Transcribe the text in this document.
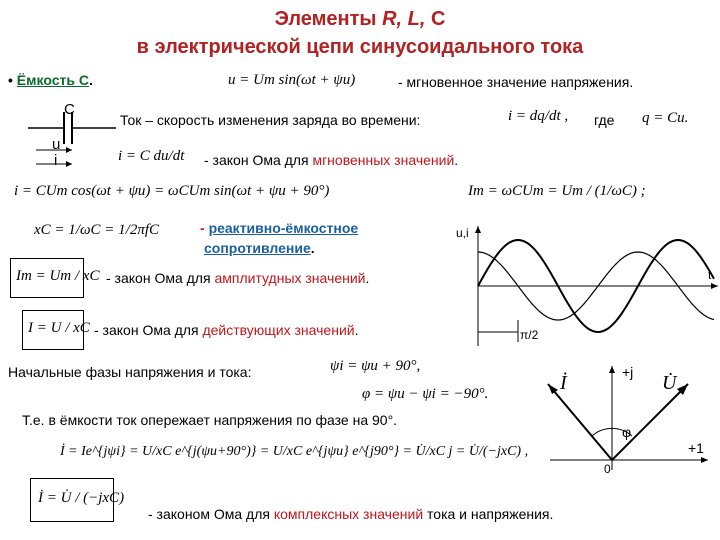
Элементы R, L, C
в электрической цепи синусоидального тока
• Ёмкость C.	u = Um sin(ωt + ψu)	- мгновенное значение напряжения.
C
u
i
Ток – скорость изменения заряда во времени:	i = dq/dt , где q = Cu.
i = C du/dt - закон Ома для мгновенных значений.
i = CUm cos(ωt + ψu) = ωCUm sin(ωt + ψu + 90°)	Im = ωCUm = Um / (1/ωC) ;
xC = 1/ωC = 1/2πfC	- реактивно-ёмкостное
сопротивление.
Im = Um / xC - закон Ома для амплитудных значений.
I = U / xC - закон Ома для действующих значений.
u,i
t
π/2
Начальные фазы напряжения и тока:	ψi = ψu + 90°,
φ = ψu − ψi = −90°.
+j
+1
0
φ
İ	U̇
Т.е. в ёмкости ток опережает напряжения по фазе на 90°.
İ = Ie^{jψi} = U/xC e^{j(ψu+90°)} = U/xC e^{jψu} e^{j90°} = U̇/xC j = U̇/(−jxC) ,
İ = U̇ / (−jxC)
- законом Ома для комплексных значений тока и напряжения.
